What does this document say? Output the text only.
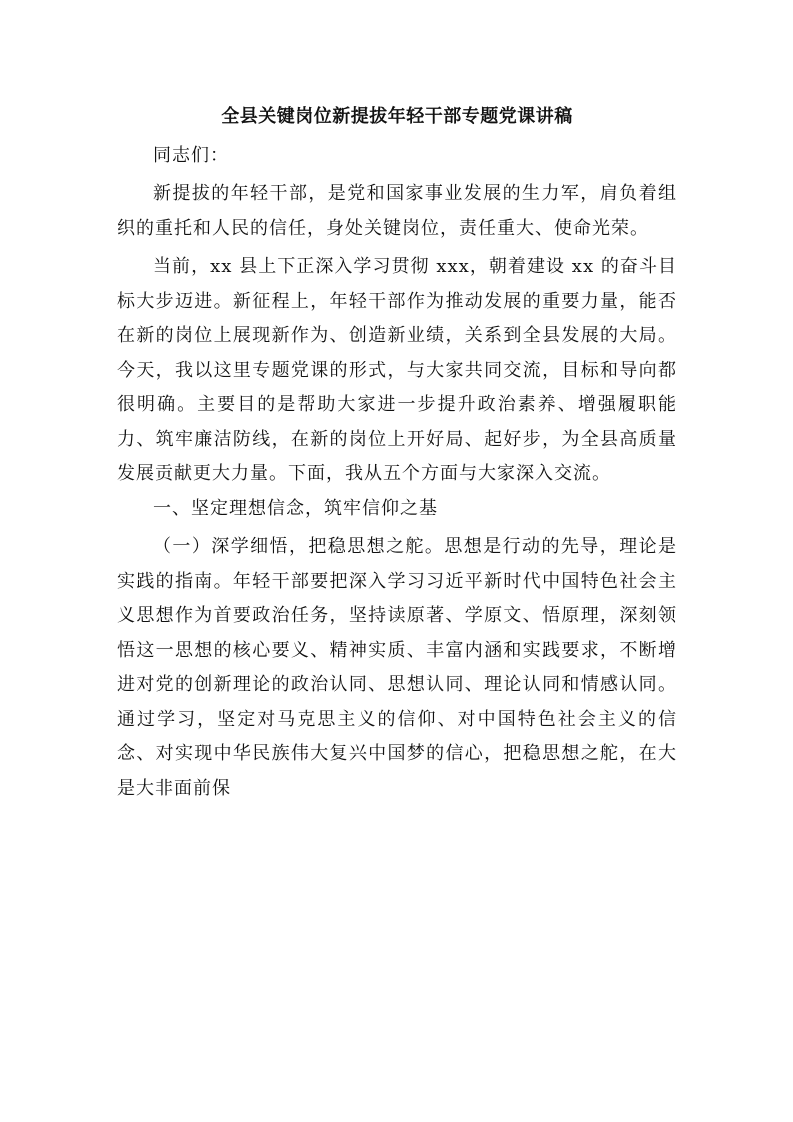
全县关键岗位新提拔年轻干部专题党课讲稿

同志们：

新提拔的年轻干部，是党和国家事业发展的生力军，肩负着组织的重托和人民的信任，身处关键岗位，责任重大、使命光荣。

当前，xx 县上下正深入学习贯彻 xxx，朝着建设 xx 的奋斗目标大步迈进。新征程上，年轻干部作为推动发展的重要力量，能否在新的岗位上展现新作为、创造新业绩，关系到全县发展的大局。今天，我以这里专题党课的形式，与大家共同交流，目标和导向都很明确。主要目的是帮助大家进一步提升政治素养、增强履职能力、筑牢廉洁防线，在新的岗位上开好局、起好步，为全县高质量发展贡献更大力量。下面，我从五个方面与大家深入交流。

一、坚定理想信念，筑牢信仰之基

（一）深学细悟，把稳思想之舵。思想是行动的先导，理论是实践的指南。年轻干部要把深入学习习近平新时代中国特色社会主义思想作为首要政治任务，坚持读原著、学原文、悟原理，深刻领悟这一思想的核心要义、精神实质、丰富内涵和实践要求，不断增进对党的创新理论的政治认同、思想认同、理论认同和情感认同。通过学习，坚定对马克思主义的信仰、对中国特色社会主义的信念、对实现中华民族伟大复兴中国梦的信心，把稳思想之舵，在大是大非面前保
